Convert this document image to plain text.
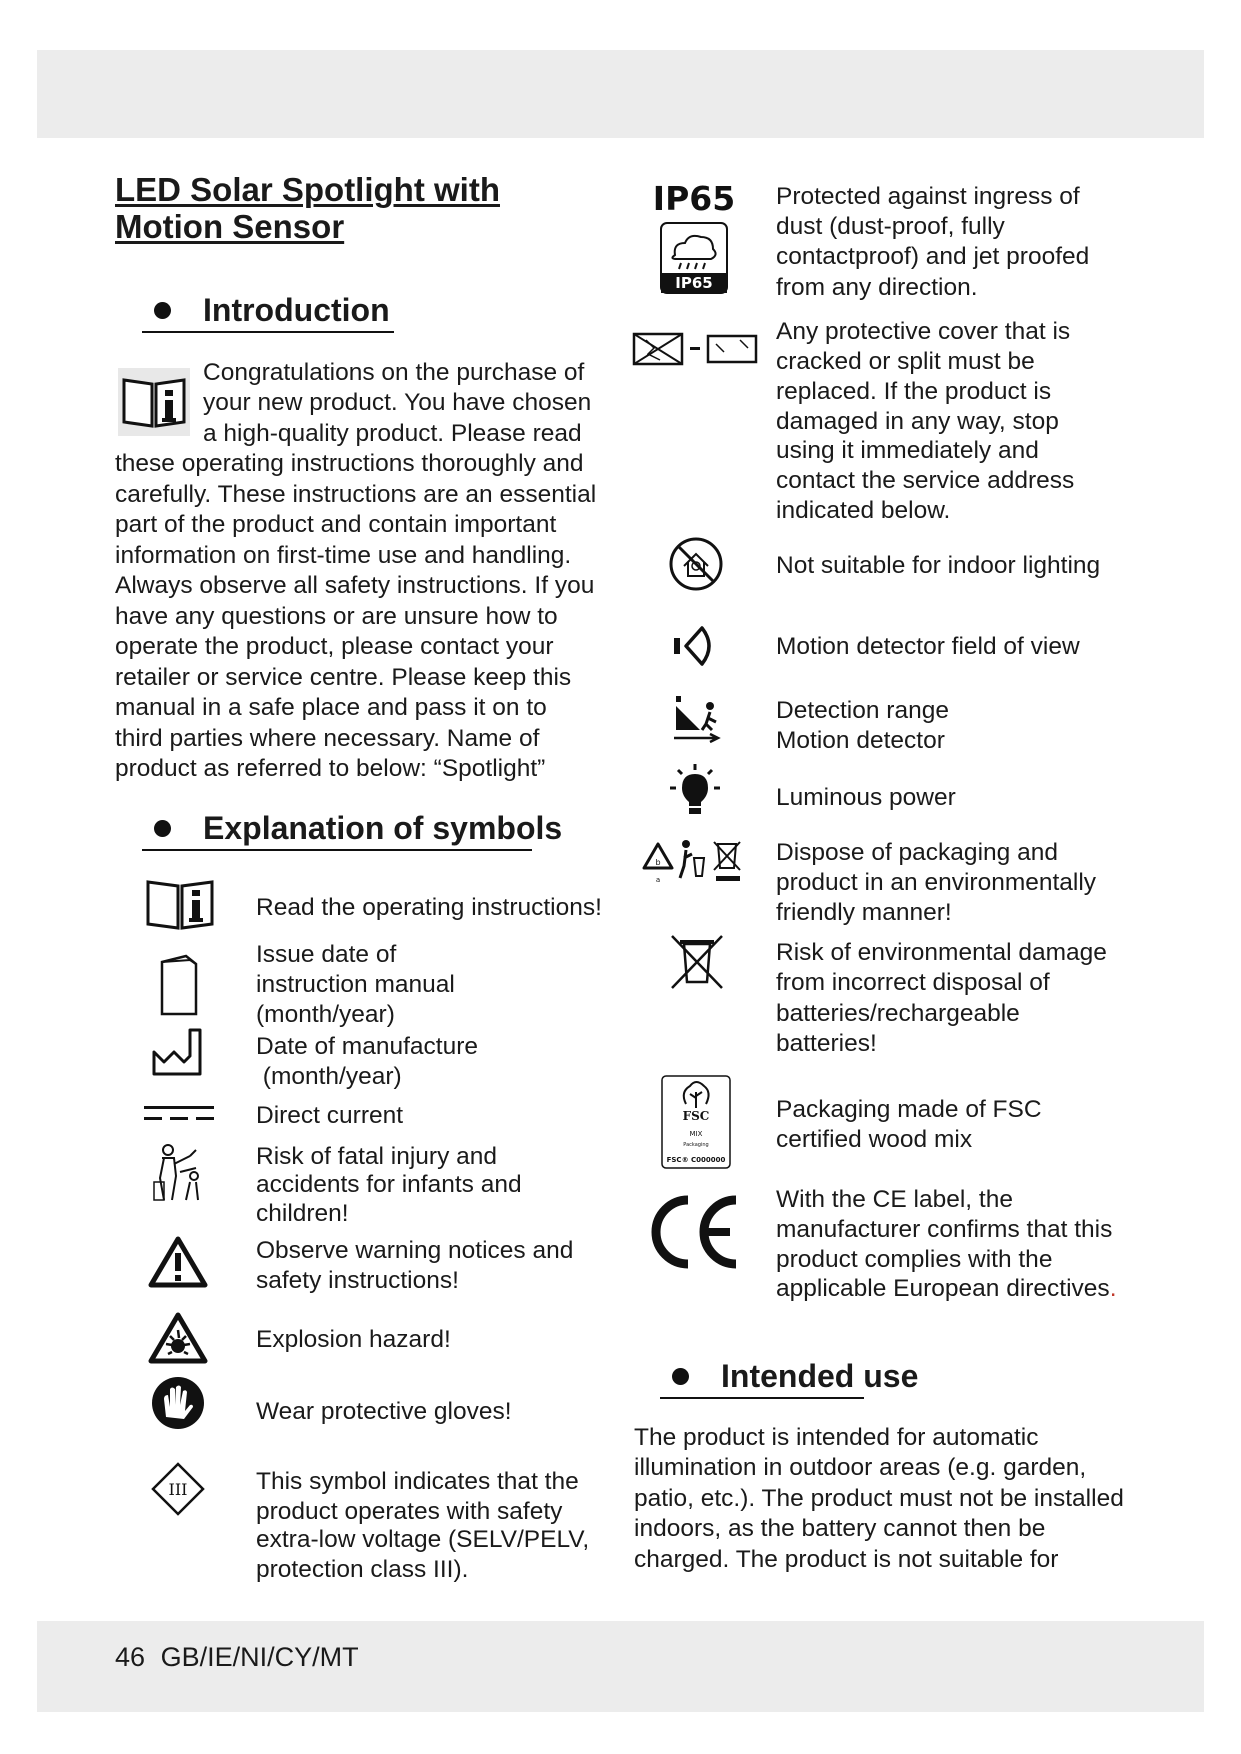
LED Solar Spotlight with
Motion Sensor
Introduction

Congratulations on the purchase of

your new product. You have chosen

a high-quality product. Please read

these operating instructions thoroughly and

carefully. These instructions are an essential

part of the product and contain important

information on first-time use and handling.

Always observe all safety instructions. If you

have any questions or are unsure how to

operate the product, please contact your

retailer or service centre. Please keep this

manual in a safe place and pass it on to

third parties where necessary. Name of

product as referred to below: “Spotlight”

Explanation of symbols

Read the operating instructions!

Issue date of

instruction manual

(month/year)

Date of manufacture

(month/year)

Direct current

Risk of fatal injury and

accidents for infants and

children!

Observe warning notices and

safety instructions!

Explosion hazard!

Wear protective gloves!

III	This symbol indicates that the

product operates with safety

extra-low voltage (SELV/PELV,

protection class III).

IP65
IP65

Protected against ingress of

dust (dust-proof, fully

contactproof) and jet proofed

from any direction.

Any protective cover that is

cracked or split must be

replaced. If the product is

damaged in any way, stop

using it immediately and

contact the service address

indicated below.

Not suitable for indoor lighting

Motion detector field of view

Detection range

Motion detector

Luminous power

b
a

Dispose of packaging and

product in an environmentally

friendly manner!

Risk of environmental damage

from incorrect disposal of

batteries/rechargeable

batteries!

FSC
MIX
Packaging
FSC® C000000

Packaging made of FSC

certified wood mix

With the CE label, the

manufacturer confirms that this

product complies with the

applicable European directives.

Intended use

The product is intended for automatic

illumination in outdoor areas (e.g. garden,

patio, etc.). The product must not be installed

indoors, as the battery cannot then be

charged. The product is not suitable for

46 GB/IE/NI/CY/MT
